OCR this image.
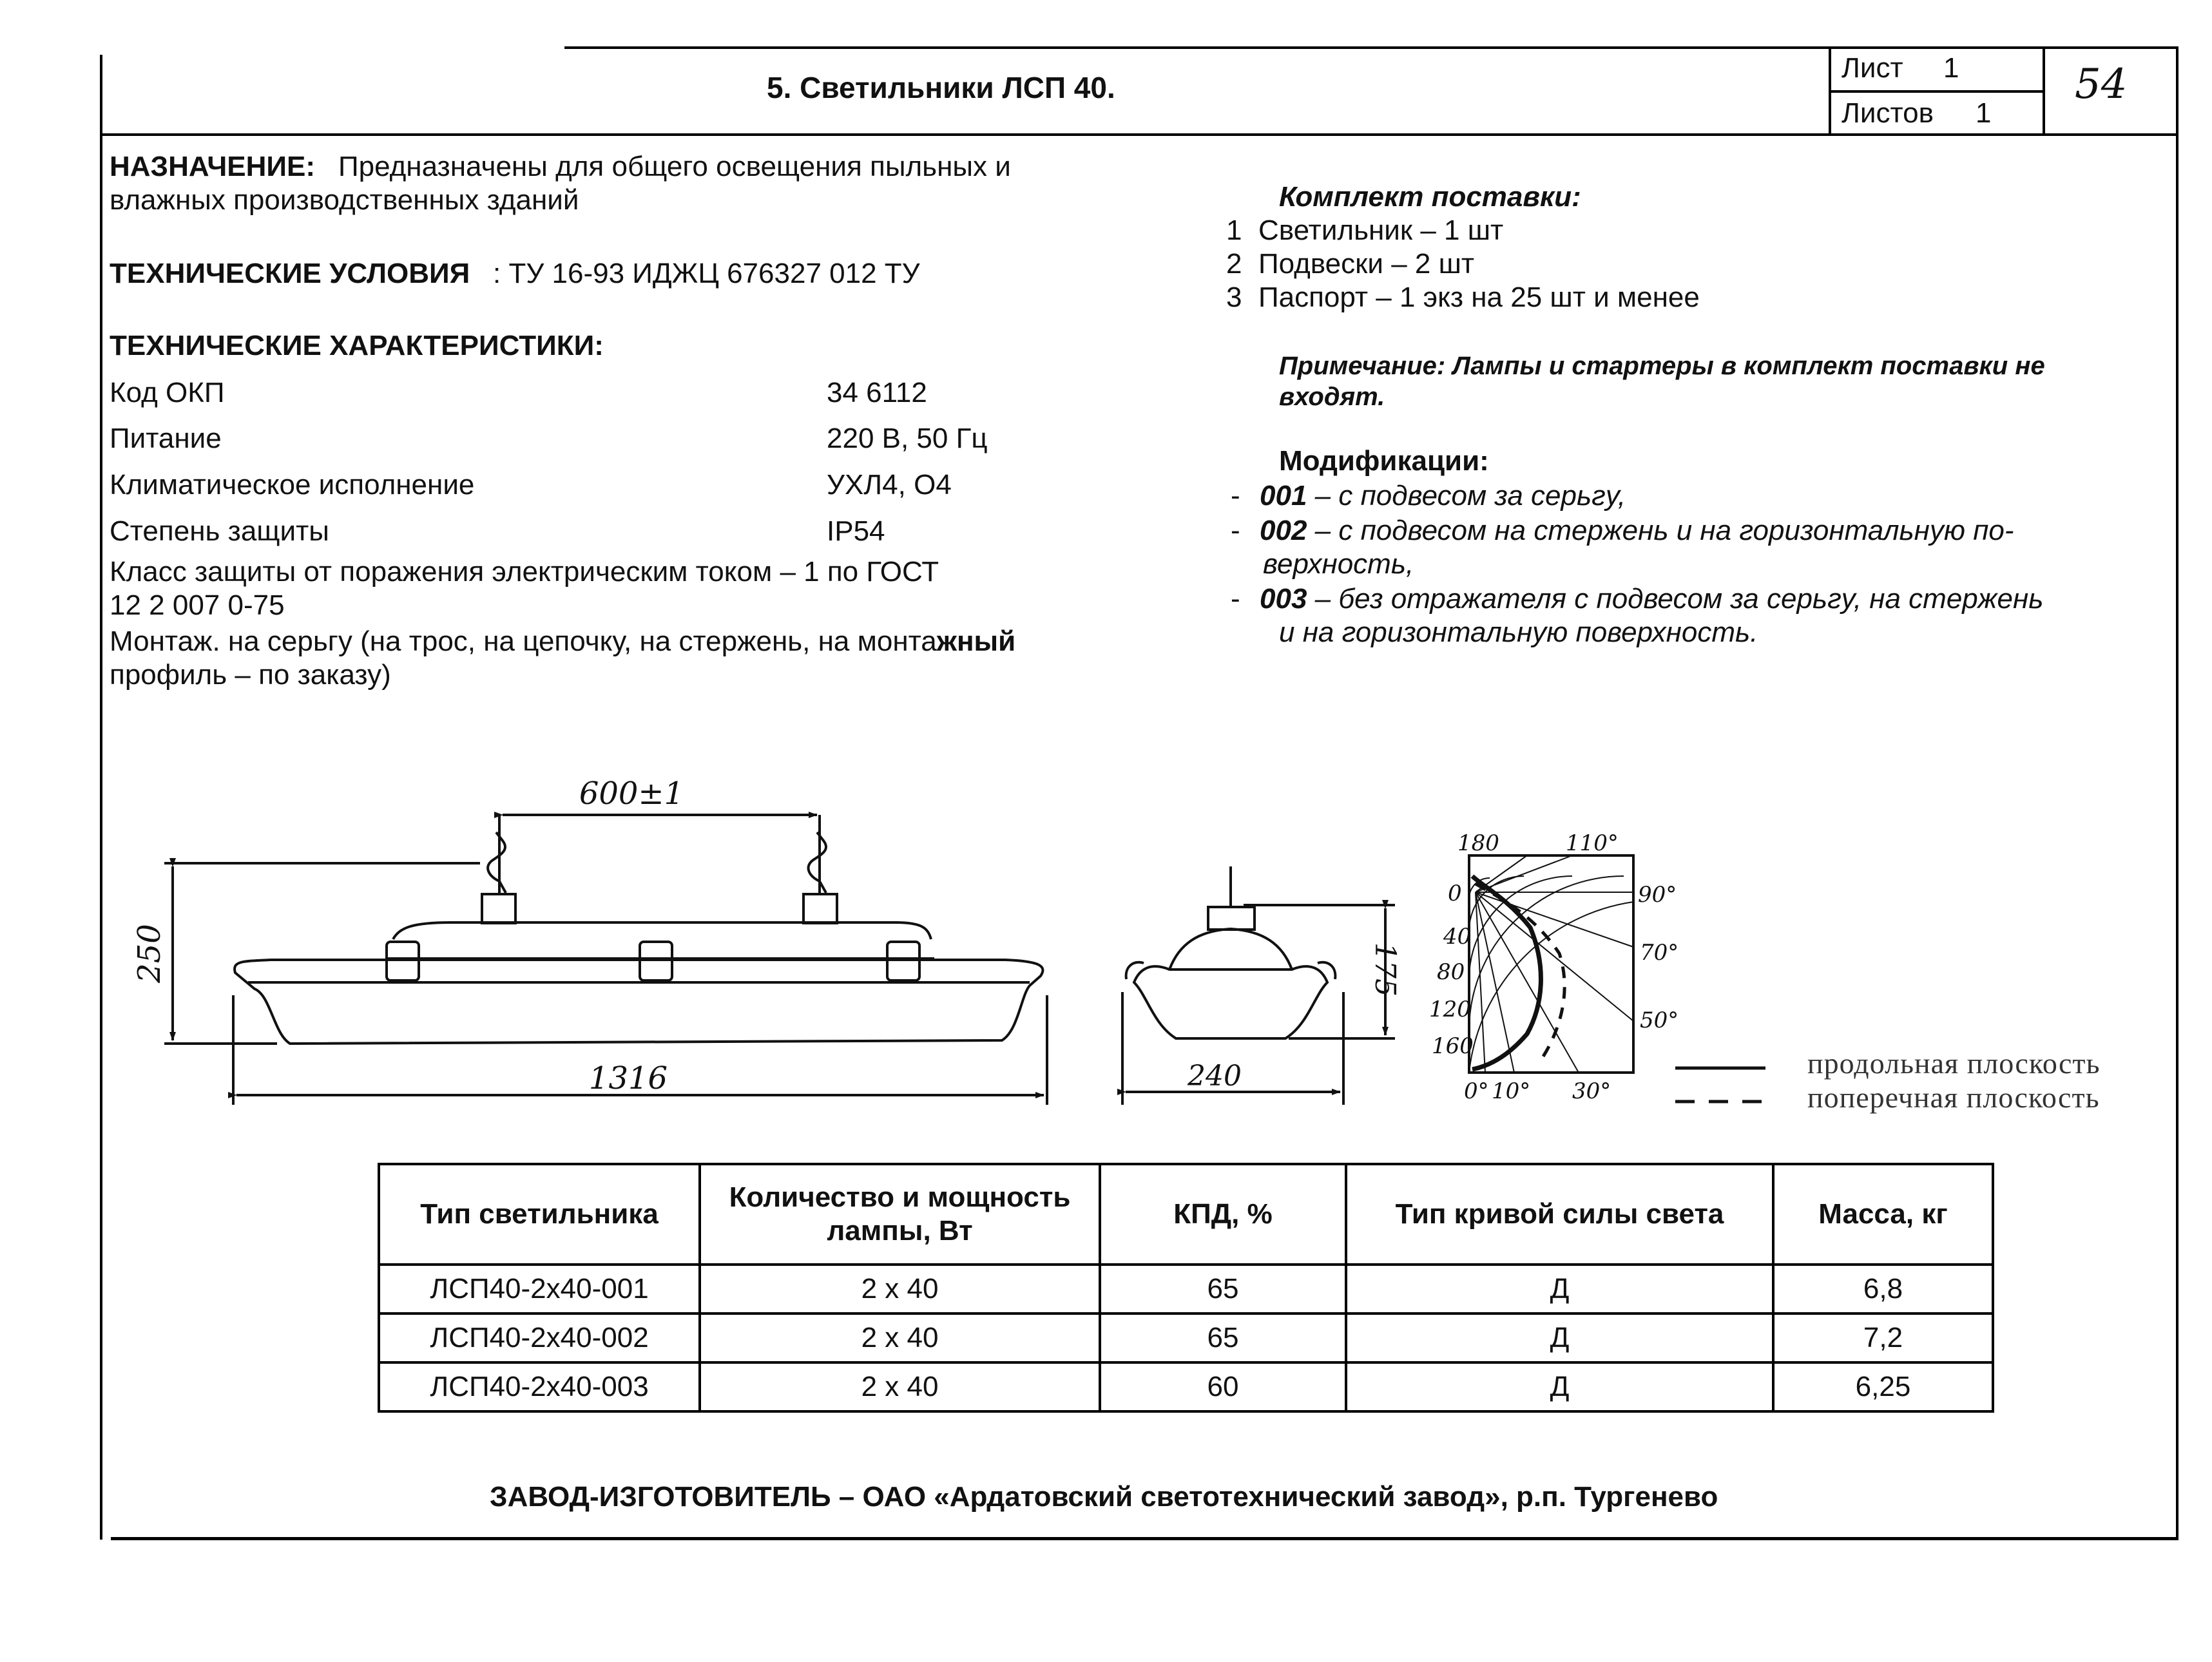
5. Светильники ЛСП 40.
Лист 1
Листов 1
54
НАЗНАЧЕНИЕ: Предназначены для общего освещения пыльных и
влажных производственных зданий
ТЕХНИЧЕСКИЕ УСЛОВИЯ : ТУ 16-93 ИДЖЦ 676327 012 ТУ
ТЕХНИЧЕСКИЕ ХАРАКТЕРИСТИКИ:
Код ОКП	34 6112
Питание	220 В, 50 Гц
Климатическое исполнение	УХЛ4, О4
Степень защиты	IP54
Класс защиты от поражения электрическим током – 1 по ГОСТ
12 2 007 0-75
Монтаж. на серьгу (на трос, на цепочку, на стержень, на монтажный
профиль – по заказу)
Комплект поставки:
1 Светильник – 1 шт
2 Подвески – 2 шт
3 Паспорт – 1 экз на 25 шт и менее
Примечание: Лампы и стартеры в комплект поставки не
входят.
Модификации:
- 001 – с подвесом за серьгу,
- 002 – с подвесом на стержень и на горизонтальную по-
верхность,
- 003 – без отражателя с подвесом за серьгу, на стержень
и на горизонтальную поверхность.
600±1
250
1316	240
175
180
0
40
80
120
160
110°
90°
70°
50°
0° 10° 30°
продольная плоскость
поперечная плоскость
Тип светильника	Количество и мощность лампы, Вт	КПД, %	Тип кривой силы света	Масса, кг
ЛСП40-2х40-001	2 х 40	65	Д	6,8
ЛСП40-2х40-002	2 х 40	65	Д	7,2
ЛСП40-2х40-003	2 х 40	60	Д	6,25
ЗАВОД-ИЗГОТОВИТЕЛЬ – ОАО «Ардатовский светотехнический завод», р.п. Тургенево
